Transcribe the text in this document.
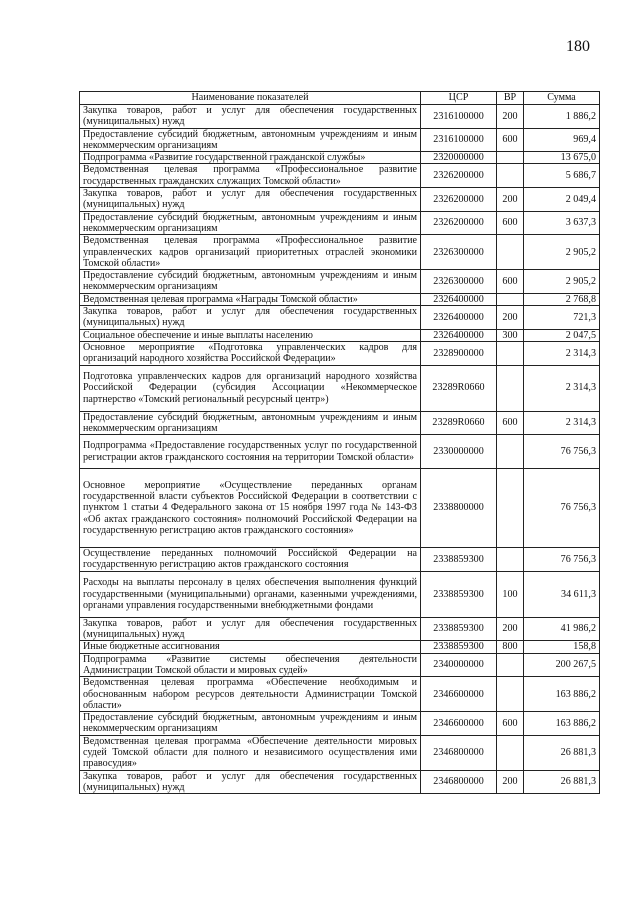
180
Наименование показателей	ЦСР	ВР	Сумма
Закупка товаров, работ и услуг для обеспечения государственных (муниципальных) нужд	2316100000	200	1 886,2
Предоставление субсидий бюджетным, автономным учреждениям и иным некоммерческим организациям	2316100000	600	969,4
Подпрограмма «Развитие государственной гражданской службы»	2320000000		13 675,0
Ведомственная целевая программа «Профессиональное развитие государственных гражданских служащих Томской области»	2326200000		5 686,7
Закупка товаров, работ и услуг для обеспечения государственных (муниципальных) нужд	2326200000	200	2 049,4
Предоставление субсидий бюджетным, автономным учреждениям и иным некоммерческим организациям	2326200000	600	3 637,3
Ведомственная целевая программа «Профессиональное развитие управленческих кадров организаций приоритетных отраслей экономики Томской области»	2326300000		2 905,2
Предоставление субсидий бюджетным, автономным учреждениям и иным некоммерческим организациям	2326300000	600	2 905,2
Ведомственная целевая программа «Награды Томской области»	2326400000		2 768,8
Закупка товаров, работ и услуг для обеспечения государственных (муниципальных) нужд	2326400000	200	721,3
Социальное обеспечение и иные выплаты населению	2326400000	300	2 047,5
Основное мероприятие «Подготовка управленческих кадров для организаций народного хозяйства Российской Федерации»	2328900000		2 314,3
Подготовка управленческих кадров для организаций народного хозяйства Российской Федерации (субсидия Ассоциации «Некоммерческое партнерство «Томский региональный ресурсный центр»)	23289R0660		2 314,3
Предоставление субсидий бюджетным, автономным учреждениям и иным некоммерческим организациям	23289R0660	600	2 314,3
Подпрограмма «Предоставление государственных услуг по государственной регистрации актов гражданского состояния на территории Томской области»	2330000000		76 756,3
Основное мероприятие «Осуществление переданных органам государственной власти субъектов Российской Федерации в соответствии с пунктом 1 статьи 4 Федерального закона от 15 ноября 1997 года № 143-ФЗ «Об актах гражданского состояния» полномочий Российской Федерации на государственную регистрацию актов гражданского состояния»	2338800000		76 756,3
Осуществление переданных полномочий Российской Федерации на государственную регистрацию актов гражданского состояния	2338859300		76 756,3
Расходы на выплаты персоналу в целях обеспечения выполнения функций государственными (муниципальными) органами, казенными учреждениями, органами управления государственными внебюджетными фондами	2338859300	100	34 611,3
Закупка товаров, работ и услуг для обеспечения государственных (муниципальных) нужд	2338859300	200	41 986,2
Иные бюджетные ассигнования	2338859300	800	158,8
Подпрограмма «Развитие системы обеспечения деятельности Администрации Томской области и мировых судей»	2340000000		200 267,5
Ведомственная целевая программа «Обеспечение необходимым и обоснованным набором ресурсов деятельности Администрации Томской области»	2346600000		163 886,2
Предоставление субсидий бюджетным, автономным учреждениям и иным некоммерческим организациям	2346600000	600	163 886,2
Ведомственная целевая программа «Обеспечение деятельности мировых судей Томской области для полного и независимого осуществления ими правосудия»	2346800000		26 881,3
Закупка товаров, работ и услуг для обеспечения государственных (муниципальных) нужд	2346800000	200	26 881,3
